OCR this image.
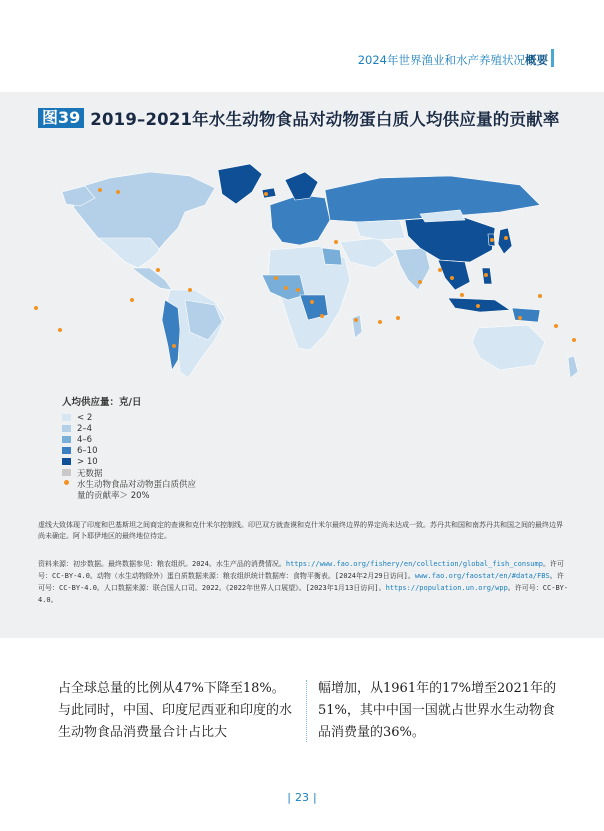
2024年世界渔业和水产养殖状况概要
图39 2019–2021年水生动物食品对动物蛋白质人均供应量的贡献率
人均供应量：克/日
< 2
2–4
4–6
6–10
> 10
无数据
水生动物食品对动物蛋白质供应
量的贡献率＞ 20%
虚线大致体现了印度和巴基斯坦之间商定的查谟和克什米尔控制线。印巴双方就查谟和克什米尔最终边界的界定尚未达成一致。苏丹共和国和南苏丹共和国之间的最终边界尚未确定。阿卜耶伊地区的最终地位待定。
资料来源：初步数据。最终数据参见：粮农组织。2024。水生产品的消费情况。https://www.fao.org/fishery/en/collection/global_fish_consump。许可号：CC-BY-4.0。动物（水生动物除外）蛋白质数据来源：粮农组织统计数据库：食物平衡表。[2024年2月29日访问]。www.fao.org/faostat/en/#data/FBS。许可号：CC-BY-4.0。人口数据来源：联合国人口司。2022。《2022年世界人口展望》。[2023年1月13日访问]。https://population.un.org/wpp。许可号：CC-BY-4.0。
占全球总量的比例从47%下降至18%。与此同时，中国、印度尼西亚和印度的水生动物食品消费量合计占比大
幅增加，从1961年的17%增至2021年的51%，其中中国一国就占世界水生动物食品消费量的36%。
| 23 |
